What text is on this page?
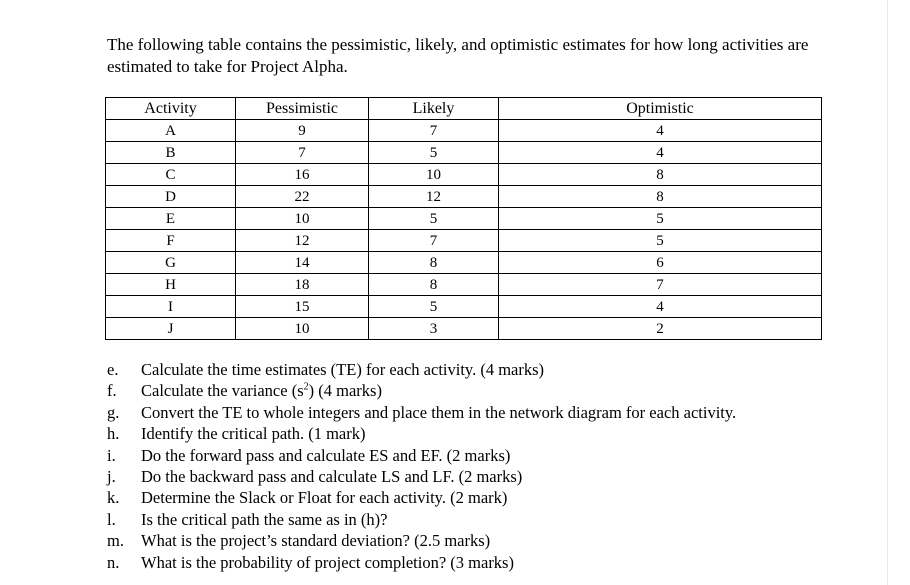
The following table contains the pessimistic, likely, and optimistic estimates for how long activities are estimated to take for Project Alpha.

Activity	Pessimistic	Likely	Optimistic
A	9	7	4
B	7	5	4
C	16	10	8
D	22	12	8
E	10	5	5
F	12	7	5
G	14	8	6
H	18	8	7
I	15	5	4
J	10	3	2
e. Calculate the time estimates (TE) for each activity. (4 marks)
f. Calculate the variance $(s^2)$ (4 marks)
g. Convert the TE to whole integers and place them in the network diagram for each activity.
h. Identify the critical path. (1 mark)
i. Do the forward pass and calculate ES and EF. (2 marks)
j. Do the backward pass and calculate LS and LF. (2 marks)
k. Determine the Slack or Float for each activity. (2 mark)
l. Is the critical path the same as in (h)?
m. What is the project’s standard deviation? (2.5 marks)
n. What is the probability of project completion? (3 marks)
